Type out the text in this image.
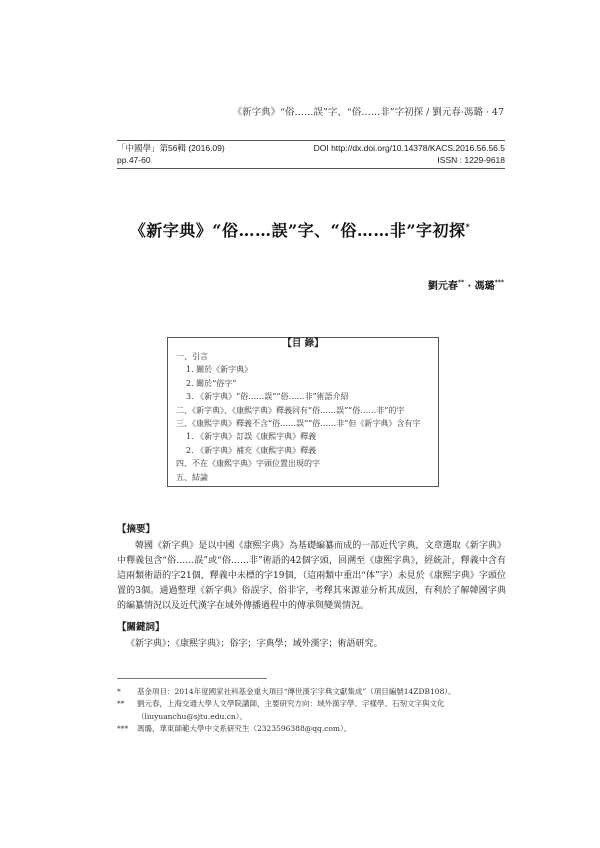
《新字典》“俗……誤”字、“俗……非”字初探 / 劉元春·馮璐 · 47
「中國學」第56輯 (2016.09)	DOI http://dx.doi.org/10.14378/KACS.2016.56.56.5
pp.47-60	ISSN : 1229-9618
《新字典》“俗……誤”字、“俗……非”字初探*
劉元春** · 馮璐***
【目 錄】
一、引言
1. 關於《新字典》
2. 關於“俗字”
3. 《新字典》“俗……誤”“俗……非”術語介紹
二、《新字典》、《康熙字典》釋義同有“俗……誤”“俗……非”的字
三、《康熙字典》釋義不含“俗……誤”“俗……非”但《新字典》含有字
1. 《新字典》訂誤《康熙字典》釋義
2. 《新字典》補充《康熙字典》釋義
四、不在《康熙字典》字頭位置出現的字
五、結論
【摘要】

韓國《新字典》是以中國《康熙字典》為基礎編纂而成的一部近代字典，文章選取《新字典》中釋義包含“俗……誤”或“俗……非”術語的42個字頭，回溯至《康熙字典》，經統計，釋義中含有這兩類術語的字21個，釋義中未標的字19個，（這兩類中重出“体”字）未見於《康熙字典》字頭位置的3個。通過整理《新字典》俗誤字、俗非字，考釋其來源並分析其成因，有利於了解韓國字典的編纂情況以及近代漢字在域外傳播過程中的傳承與變異情況。

【關鍵詞】
《新字典》；《康熙字典》；俗字；字典學；域外漢字；術語研究。
*	基金項目：2014年度國家社科基金重大項目“傳世漢字字典文獻集成”（項目編號14ZDB108）。
**	劉元春，上海交通大學人文學院講師，主要研究方向：域外漢字學、字樣學、石刻文字與文化（liuyuanchu@sjtu.edu.cn）。
***	馮璐，華東師範大學中文系研究生（2323596388@qq.com）。
